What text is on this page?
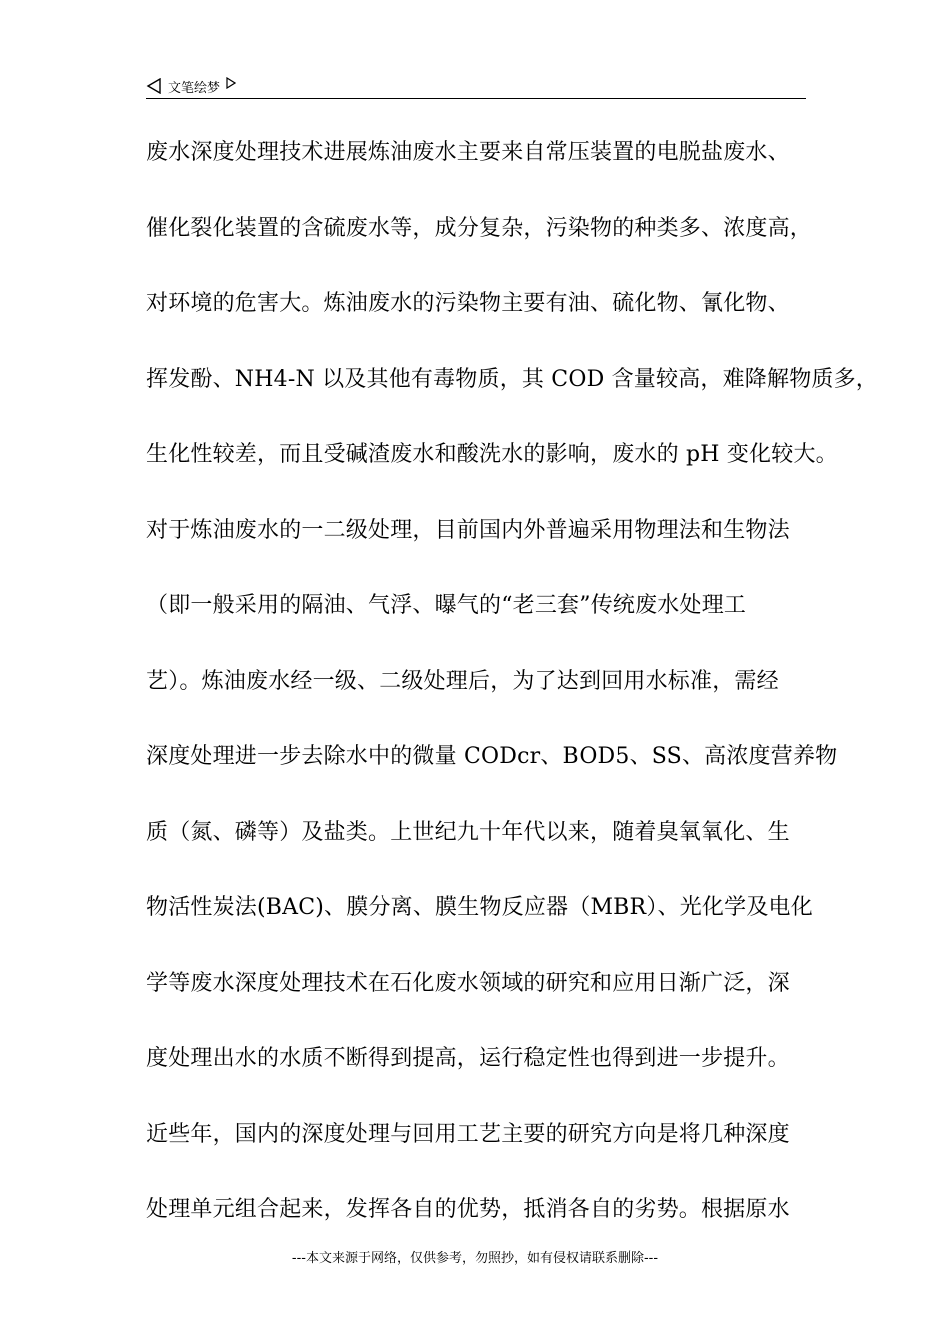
文笔绘梦
废水深度处理技术进展炼油废水主要来自常压装置的电脱盐废水、
催化裂化装置的含硫废水等，成分复杂，污染物的种类多、浓度高，
对环境的危害大。炼油废水的污染物主要有油、硫化物、氰化物、
挥发酚、NH4-N 以及其他有毒物质，其 COD 含量较高，难降解物质多，
生化性较差，而且受碱渣废水和酸洗水的影响，废水的 pH 变化较大。
对于炼油废水的一二级处理，目前国内外普遍采用物理法和生物法
（即一般采用的隔油、气浮、曝气的“老三套”传统废水处理工
艺）。炼油废水经一级、二级处理后，为了达到回用水标准，需经
深度处理进一步去除水中的微量 CODcr、BOD5、SS、高浓度营养物
质（氮、磷等）及盐类。上世纪九十年代以来，随着臭氧氧化、生
物活性炭法(BAC)、膜分离、膜生物反应器（MBR）、光化学及电化
学等废水深度处理技术在石化废水领域的研究和应用日渐广泛，深
度处理出水的水质不断得到提高，运行稳定性也得到进一步提升。
近些年，国内的深度处理与回用工艺主要的研究方向是将几种深度
处理单元组合起来，发挥各自的优势，抵消各自的劣势。根据原水
---本文来源于网络，仅供参考，勿照抄，如有侵权请联系删除---
